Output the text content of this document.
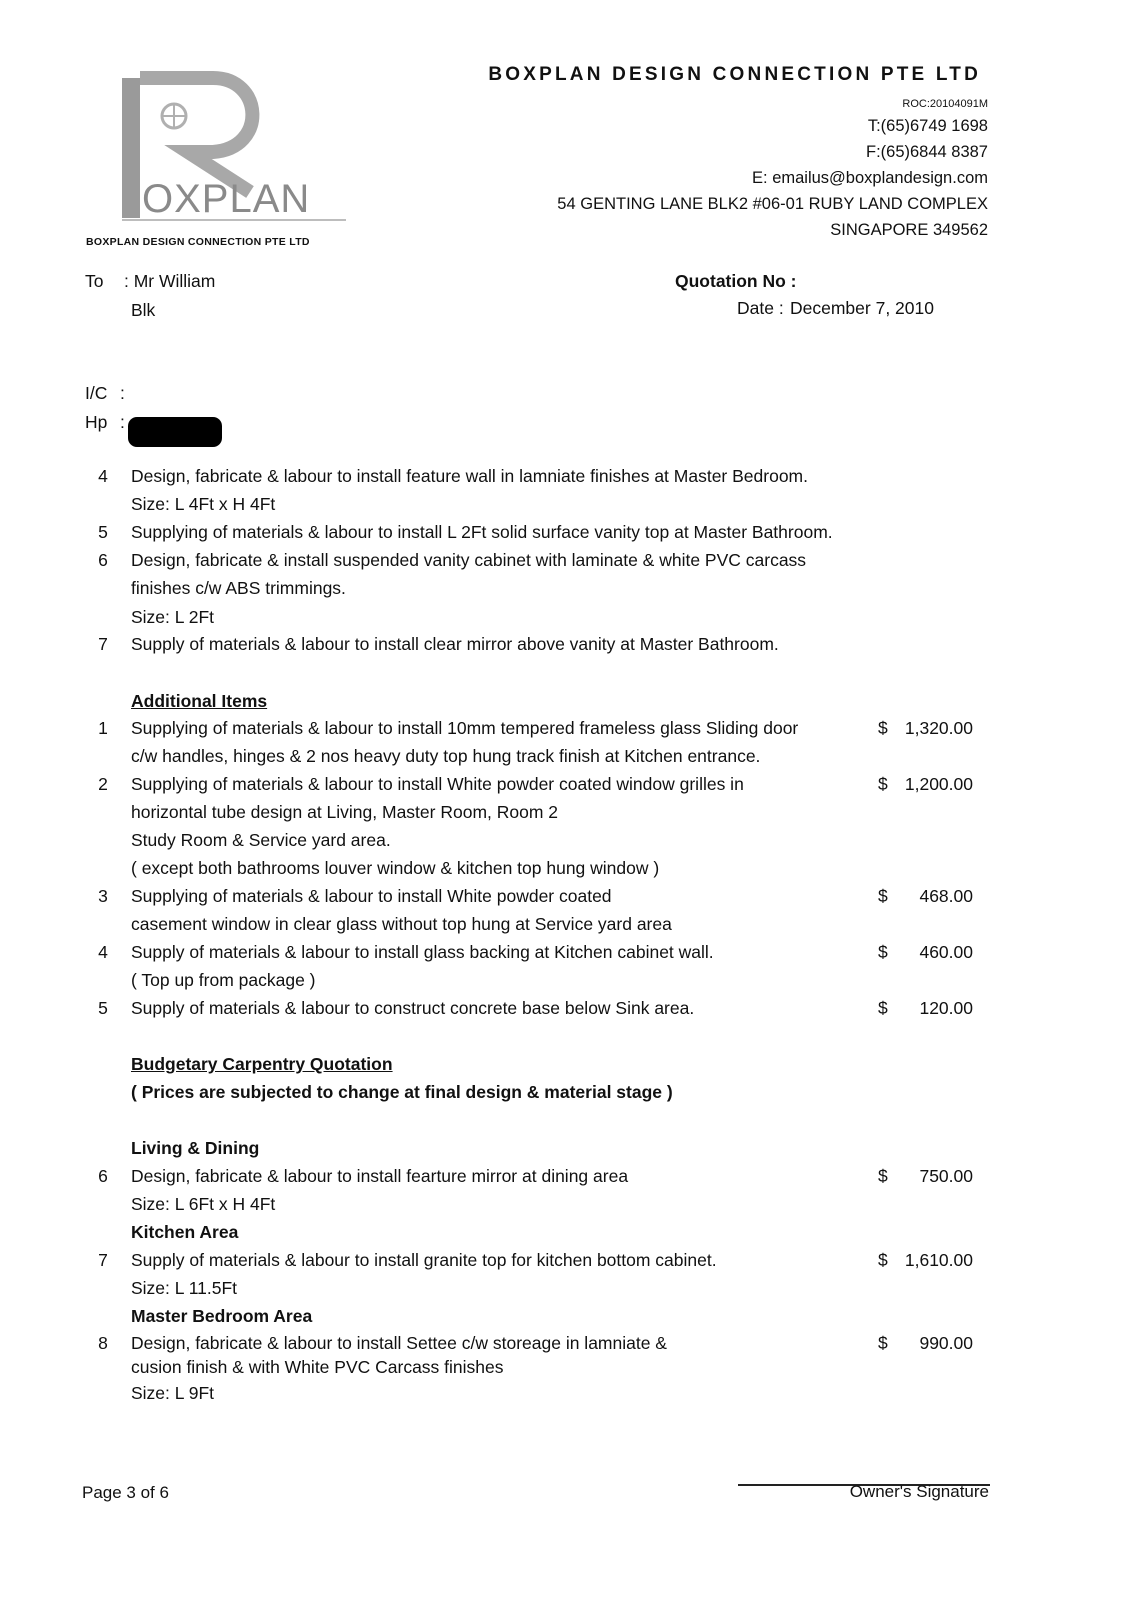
OXPLAN
BOXPLAN DESIGN CONNECTION PTE LTD
BOXPLAN DESIGN CONNECTION PTE LTD
ROC:20104091M
T:(65)6749 1698
F:(65)6844 8387
E: emailus@boxplandesign.com
54 GENTING LANE BLK2 #06-01 RUBY LAND COMPLEX
SINGAPORE 349562
To : Mr William
Blk
Quotation No :
Date : December 7, 2010
I/C :
Hp :
4 Design, fabricate & labour to install feature wall in lamniate finishes at Master Bedroom.
Size: L 4Ft x H 4Ft
5 Supplying of materials & labour to install L 2Ft solid surface vanity top at Master Bathroom.
6 Design, fabricate & install suspended vanity cabinet with laminate & white PVC carcass
finishes c/w ABS trimmings.
Size: L 2Ft
7 Supply of materials & labour to install clear mirror above vanity at Master Bathroom.
Additional Items
1 Supplying of materials & labour to install 10mm tempered frameless glass Sliding door
c/w handles, hinges & 2 nos heavy duty top hung track finish at Kitchen entrance.
$ 1,320.00
2 Supplying of materials & labour to install White powder coated window grilles in
horizontal tube design at Living, Master Room, Room 2
Study Room & Service yard area.
( except both bathrooms louver window & kitchen top hung window )
$ 1,200.00
3 Supplying of materials & labour to install White powder coated
casement window in clear glass without top hung at Service yard area
$ 468.00
4 Supply of materials & labour to install glass backing at Kitchen cabinet wall.
( Top up from package )
$ 460.00
5 Supply of materials & labour to construct concrete base below Sink area.	$ 120.00
Budgetary Carpentry Quotation
( Prices are subjected to change at final design & material stage )
Living & Dining
6 Design, fabricate & labour to install fearture mirror at dining area
Size: L 6Ft x H 4Ft
$ 750.00
Kitchen Area
7 Supply of materials & labour to install granite top for kitchen bottom cabinet.
Size: L 11.5Ft
$ 1,610.00
Master Bedroom Area
8 Design, fabricate & labour to install Settee c/w storeage in lamniate &
cusion finish & with White PVC Carcass finishes
Size: L 9Ft
$ 990.00
Page 3 of 6	Owner's Signature
